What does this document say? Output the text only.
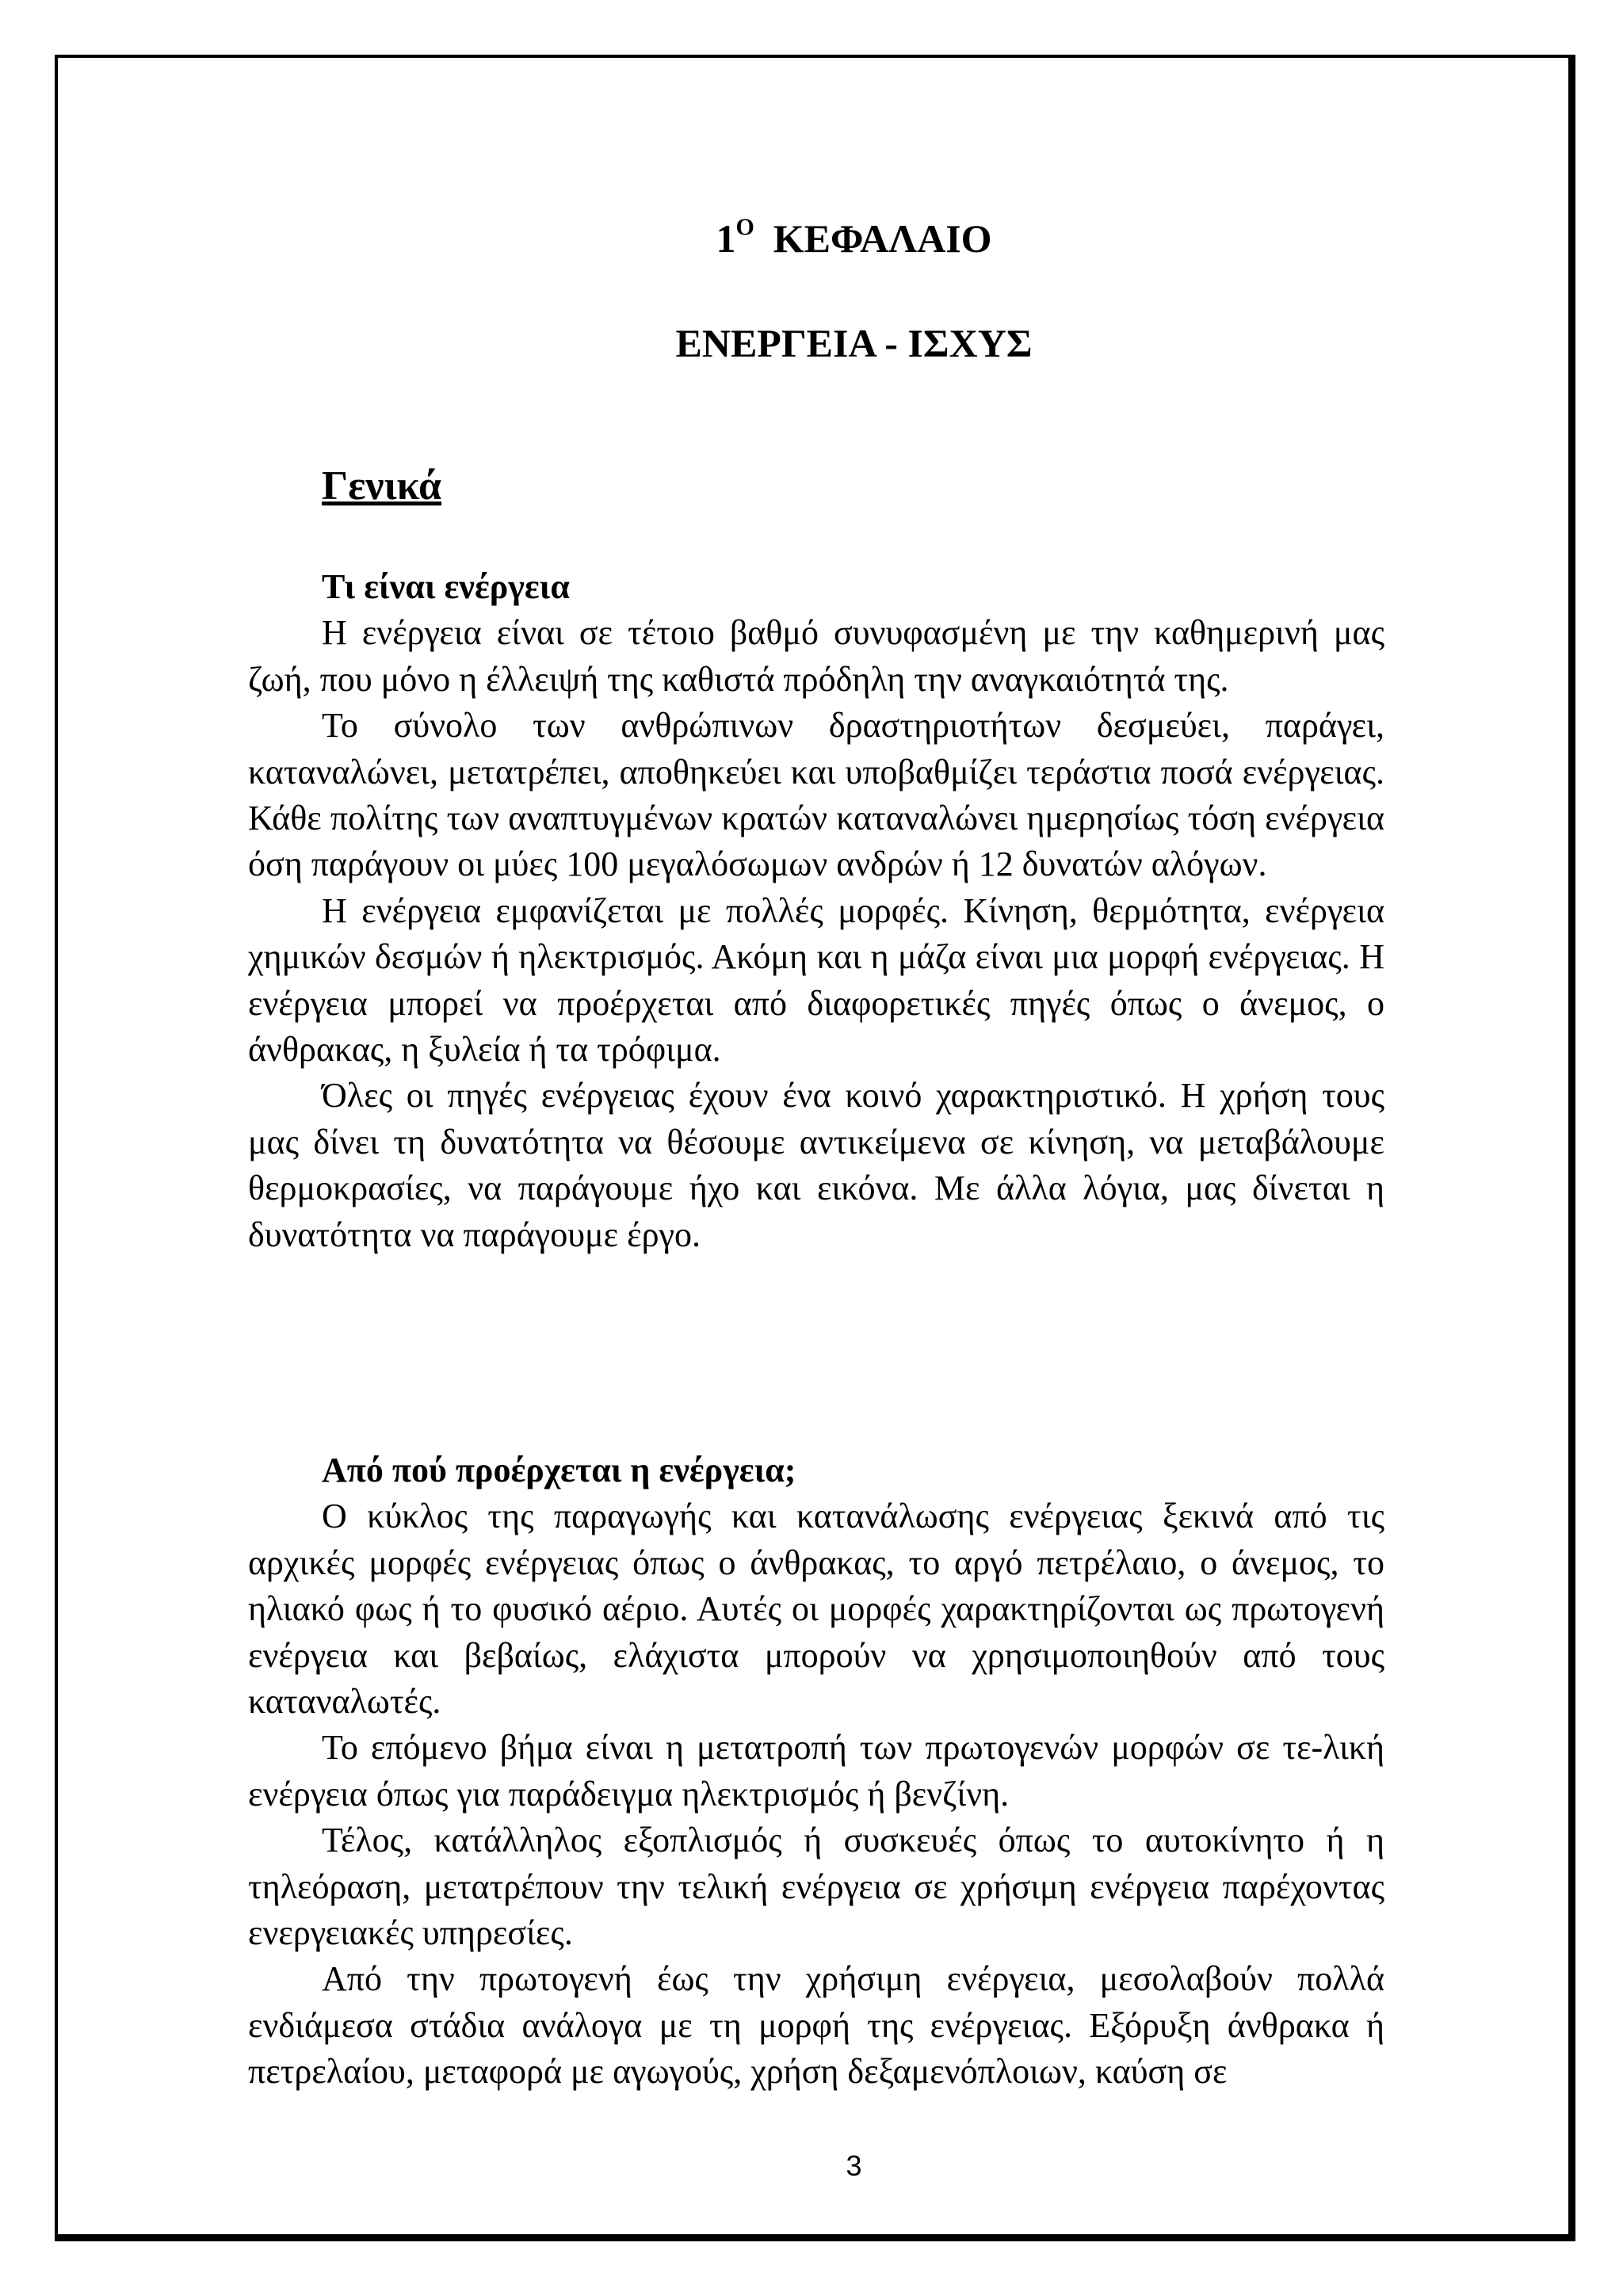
$1^O$ ΚΕΦΑΛΑΙΟ
ΕΝΕΡΓΕΙΑ - ΙΣΧΥΣ
Γενικά
Τι είναι ενέργεια

Η ενέργεια είναι σε τέτοιο βαθμό συνυφασμένη με την καθημερινή μας ζωή, που μόνο η έλλειψή της καθιστά πρόδηλη την αναγκαιότητά της.

Το σύνολο των ανθρώπινων δραστηριοτήτων δεσμεύει, παράγει, καταναλώνει, μετατρέπει, αποθηκεύει και υποβαθμίζει τεράστια ποσά ενέργειας. Κάθε πολίτης των αναπτυγμένων κρατών καταναλώνει ημερησίως τόση ενέργεια όση παράγουν οι μύες 100 μεγαλόσωμων ανδρών ή 12 δυνατών αλόγων.

Η ενέργεια εμφανίζεται με πολλές μορφές. Κίνηση, θερμότητα, ενέργεια χημικών δεσμών ή ηλεκτρισμός. Ακόμη και η μάζα είναι μια μορφή ενέργειας. Η ενέργεια μπορεί να προέρχεται από διαφορετικές πηγές όπως ο άνεμος, ο άνθρακας, η ξυλεία ή τα τρόφιμα.

Όλες οι πηγές ενέργειας έχουν ένα κοινό χαρακτηριστικό. Η χρήση τους μας δίνει τη δυνατότητα να θέσουμε αντικείμενα σε κίνηση, να μεταβάλουμε θερμοκρασίες, να παράγουμε ήχο και εικόνα. Με άλλα λόγια, μας δίνεται η δυνατότητα να παράγουμε έργο.

Από πού προέρχεται η ενέργεια;

Ο κύκλος της παραγωγής και κατανάλωσης ενέργειας ξεκινά από τις αρχικές μορφές ενέργειας όπως ο άνθρακας, το αργό πετρέλαιο, ο άνεμος, το ηλιακό φως ή το φυσικό αέριο. Αυτές οι μορφές χαρακτηρίζονται ως πρωτογενή ενέργεια και βεβαίως, ελάχιστα μπορούν να χρησιμοποιηθούν από τους καταναλωτές.

Το επόμενο βήμα είναι η μετατροπή των πρωτογενών μορφών σε τε-λική ενέργεια όπως για παράδειγμα ηλεκτρισμός ή βενζίνη.

Τέλος, κατάλληλος εξοπλισμός ή συσκευές όπως το αυτοκίνητο ή η τηλεόραση, μετατρέπουν την τελική ενέργεια σε χρήσιμη ενέργεια παρέχοντας ενεργειακές υπηρεσίες.

Από την πρωτογενή έως την χρήσιμη ενέργεια, μεσολαβούν πολλά ενδιάμεσα στάδια ανάλογα με τη μορφή της ενέργειας. Εξόρυξη άνθρακα ή πετρελαίου, μεταφορά με αγωγούς, χρήση δεξαμενόπλοιων, καύση σε

3
